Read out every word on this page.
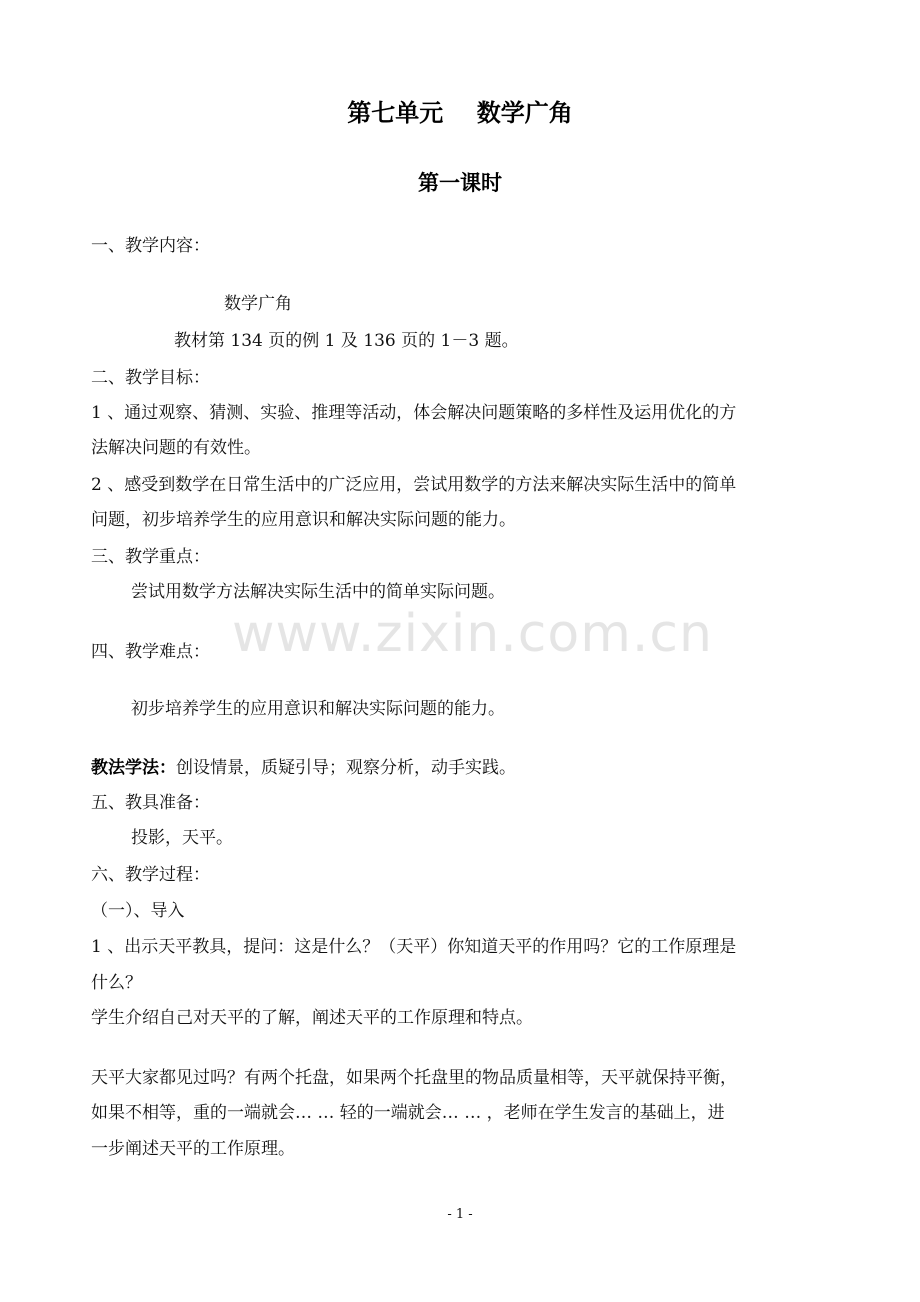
www.zixin.com.cn
第七单元    数学广角
第一课时
一、教学内容：
数学广角
教材第 134 页的例 1 及 136 页的 1－3 题。
二、教学目标：
1 、通过观察、猜测、实验、推理等活动，体会解决问题策略的多样性及运用优化的方
法解决问题的有效性。
2 、感受到数学在日常生活中的广泛应用，尝试用数学的方法来解决实际生活中的简单
问题，初步培养学生的应用意识和解决实际问题的能力。
三、教学重点：
尝试用数学方法解决实际生活中的简单实际问题。
四、教学难点：
初步培养学生的应用意识和解决实际问题的能力。
教法学法：创设情景，质疑引导；观察分析，动手实践。
五、教具准备：
投影，天平。
六、教学过程：
（一）、导入
1 、出示天平教具，提问：这是什么？（天平）你知道天平的作用吗？它的工作原理是
什么？
学生介绍自己对天平的了解，阐述天平的工作原理和特点。
天平大家都见过吗？有两个托盘，如果两个托盘里的物品质量相等，天平就保持平衡，
如果不相等，重的一端就会… … 轻的一端就会… … ，老师在学生发言的基础上，进
一步阐述天平的工作原理。
- 1 -
